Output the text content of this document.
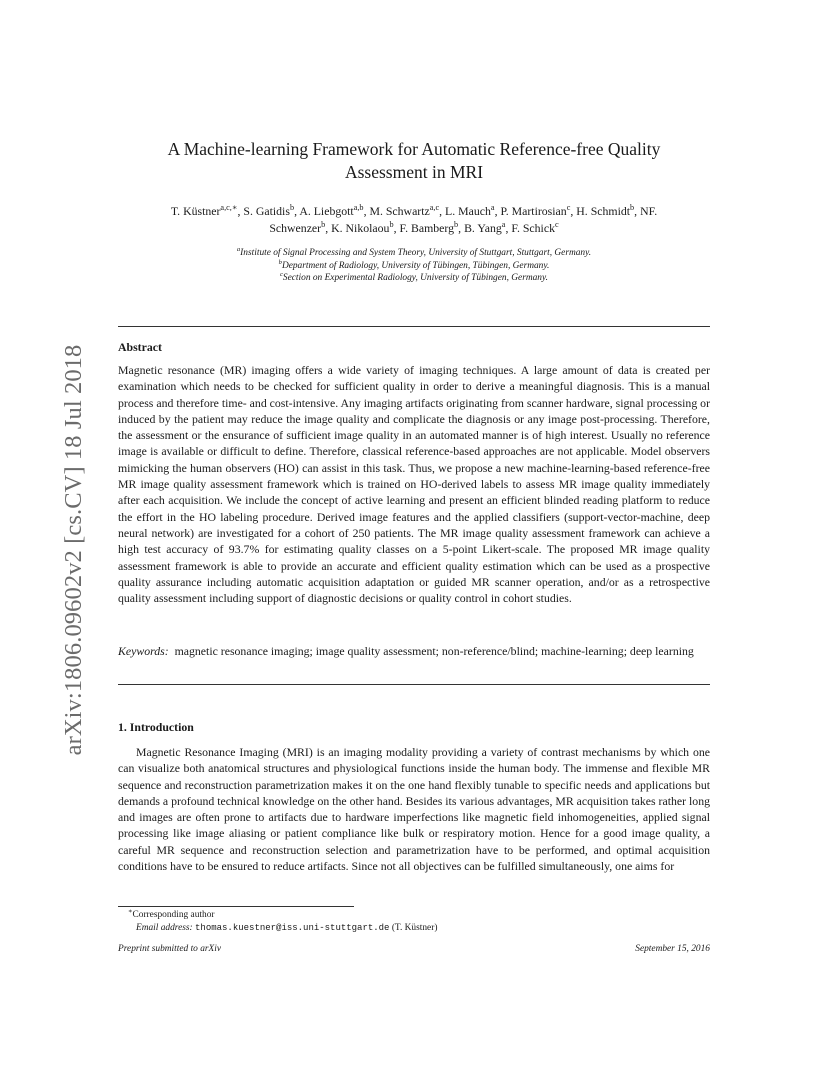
arXiv:1806.09602v2 [cs.CV] 18 Jul 2018
A Machine-learning Framework for Automatic Reference-free Quality
Assessment in MRI
T. Küstner$^{a,c,∗}$, S. Gatidis$^b$, A. Liebgott$^{a,b}$, M. Schwartz$^{a,c}$, L. Mauch$^a$, P. Martirosian$^c$, H. Schmidt$^b$, NF.
Schwenzer$^b$, K. Nikolaou$^b$, F. Bamberg$^b$, B. Yang$^a$, F. Schick$^c$
$^a$Institute of Signal Processing and System Theory, University of Stuttgart, Stuttgart, Germany.
$^b$Department of Radiology, University of Tübingen, Tübingen, Germany.
$^c$Section on Experimental Radiology, University of Tübingen, Germany.
Abstract
Magnetic resonance (MR) imaging offers a wide variety of imaging techniques. A large amount of data is created per examination which needs to be checked for sufficient quality in order to derive a meaningful diagnosis. This is a manual process and therefore time- and cost-intensive. Any imaging artifacts originating from scanner hardware, signal processing or induced by the patient may reduce the image quality and complicate the diagnosis or any image post-processing. Therefore, the assessment or the ensurance of sufficient image quality in an automated manner is of high interest. Usually no reference image is available or difficult to define. Therefore, classical reference-based approaches are not applicable. Model observers mimicking the human observers (HO) can assist in this task. Thus, we propose a new machine-learning-based reference-free MR image quality assessment framework which is trained on HO-derived labels to assess MR image quality immediately after each acquisition. We include the concept of active learning and present an efficient blinded reading platform to reduce the effort in the HO labeling procedure. Derived image features and the applied classifiers (support-vector-machine, deep neural network) are investigated for a cohort of 250 patients. The MR image quality assessment framework can achieve a high test accuracy of 93.7% for estimating quality classes on a 5-point Likert-scale. The proposed MR image quality assessment framework is able to provide an accurate and efficient quality estimation which can be used as a prospective quality assurance including automatic acquisition adaptation or guided MR scanner operation, and/or as a retrospective quality assessment including support of diagnostic decisions or quality control in cohort studies.
Keywords: magnetic resonance imaging; image quality assessment; non-reference/blind; machine-learning; deep learning
1. Introduction
Magnetic Resonance Imaging (MRI) is an imaging modality providing a variety of contrast mechanisms by which one can visualize both anatomical structures and physiological functions inside the human body. The immense and flexible MR sequence and reconstruction parametrization makes it on the one hand flexibly tunable to specific needs and applications but demands a profound technical knowledge on the other hand. Besides its various advantages, MR acquisition takes rather long and images are often prone to artifacts due to hardware imperfections like magnetic field inhomogeneities, applied signal processing like image aliasing or patient compliance like bulk or respiratory motion. Hence for a good image quality, a careful MR sequence and reconstruction selection and parametrization have to be performed, and optimal acquisition conditions have to be ensured to reduce artifacts. Since not all objectives can be fulfilled simultaneously, one aims for
∗Corresponding author
Email address: thomas.kuestner@iss.uni-stuttgart.de (T. Küstner)
Preprint submitted to arXiv	September 15, 2016
